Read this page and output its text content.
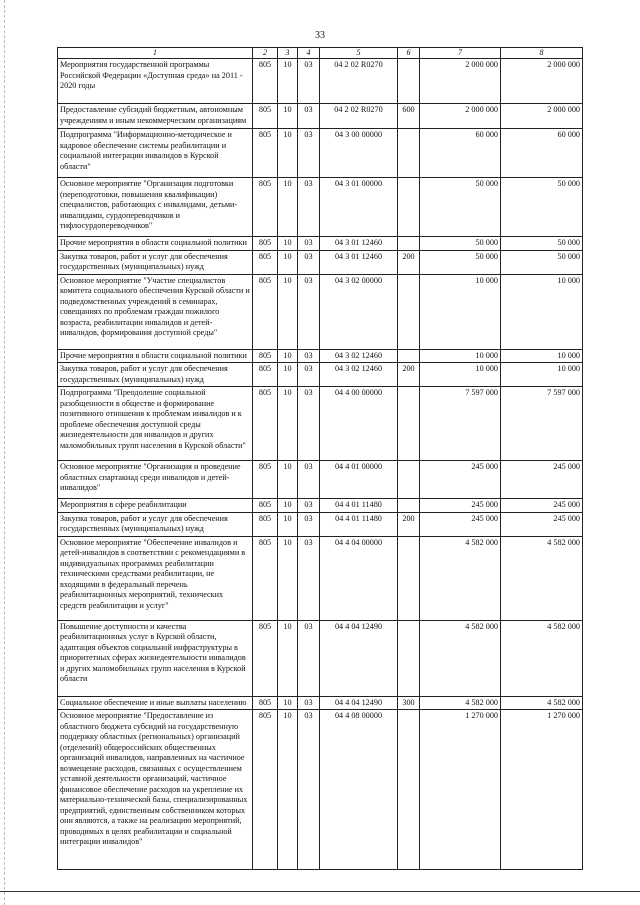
33
1	2	3	4	5	6	7	8
Мероприятия государственной программы Российской Федерации «Доступная среда» на 2011 - 2020 годы	805	10	03	04 2 02 R0270		2 000 000	2 000 000
Предоставление субсидий бюджетным, автономным учреждениям и иным некоммерческим организациям	805	10	03	04 2 02 R0270	600	2 000 000	2 000 000
Подпрограмма "Информационно-методическое и кадровое обеспечение системы реабилитации и социальной интеграции инвалидов в Курской области"	805	10	03	04 3 00 00000		60 000	60 000
Основное мероприятие "Организация подготовки (переподготовки, повышения квалификации) специалистов, работающих с инвалидами, детьми-инвалидами, сурдопереводчиков и тифлосурдопереводчиков"	805	10	03	04 3 01 00000		50 000	50 000
Прочие мероприятия в области социальной политики	805	10	03	04 3 01 12460		50 000	50 000
Закупка товаров, работ и услуг для обеспечения государственных (муниципальных) нужд	805	10	03	04 3 01 12460	200	50 000	50 000
Основное мероприятие "Участие специалистов комитета социального обеспечения Курской области и подведомственных учреждений в семинарах, совещаниях по проблемам граждан пожилого возраста, реабилитации инвалидов и детей-инвалидов, формирования доступной среды"	805	10	03	04 3 02 00000		10 000	10 000
Прочие мероприятия в области социальной политики	805	10	03	04 3 02 12460		10 000	10 000
Закупка товаров, работ и услуг для обеспечения государственных (муниципальных) нужд	805	10	03	04 3 02 12460	200	10 000	10 000
Подпрограмма "Преодоление социальной разобщенности в обществе и формирование позитивного отношения к проблемам инвалидов и к проблеме обеспечения доступной среды жизнедеятельности для инвалидов и других маломобильных групп населения в Курской области"	805	10	03	04 4 00 00000		7 597 000	7 597 000
Основное мероприятие "Организация и проведение областных спартакиад среди инвалидов и детей-инвалидов"	805	10	03	04 4 01 00000		245 000	245 000
Мероприятия в сфере реабилитации	805	10	03	04 4 01 11480		245 000	245 000
Закупка товаров, работ и услуг для обеспечения государственных (муниципальных) нужд	805	10	03	04 4 01 11480	200	245 000	245 000
Основное мероприятие "Обеспечение инвалидов и детей-инвалидов в соответствии с рекомендациями в индивидуальных программах реабилитации техническими средствами реабилитации, не входящими в федеральный перечень реабилитационных мероприятий, технических средств реабилитации и услуг"	805	10	03	04 4 04 00000		4 582 000	4 582 000
Повышение доступности и качества реабилитационных услуг в Курской области, адаптация объектов социальной инфраструктуры в приоритетных сферах жизнедеятельности инвалидов и других маломобильных групп населения в Курской области	805	10	03	04 4 04 12490		4 582 000	4 582 000
Социальное обеспечение и иные выплаты населению	805	10	03	04 4 04 12490	300	4 582 000	4 582 000
Основное мероприятие "Предоставление из областного бюджета субсидий на государственную поддержку областных (региональных) организаций (отделений) общероссийских общественных организаций инвалидов, направленных на частичное возмещение расходов, связанных с осуществлением уставной деятельности организаций, частичное финансовое обеспечение расходов на укрепление их материально-технической базы, специализированных предприятий, единственным собственником которых они являются, а также на реализацию мероприятий, проводимых в целях реабилитации и социальной интеграции инвалидов"	805	10	03	04 4 08 00000		1 270 000	1 270 000
